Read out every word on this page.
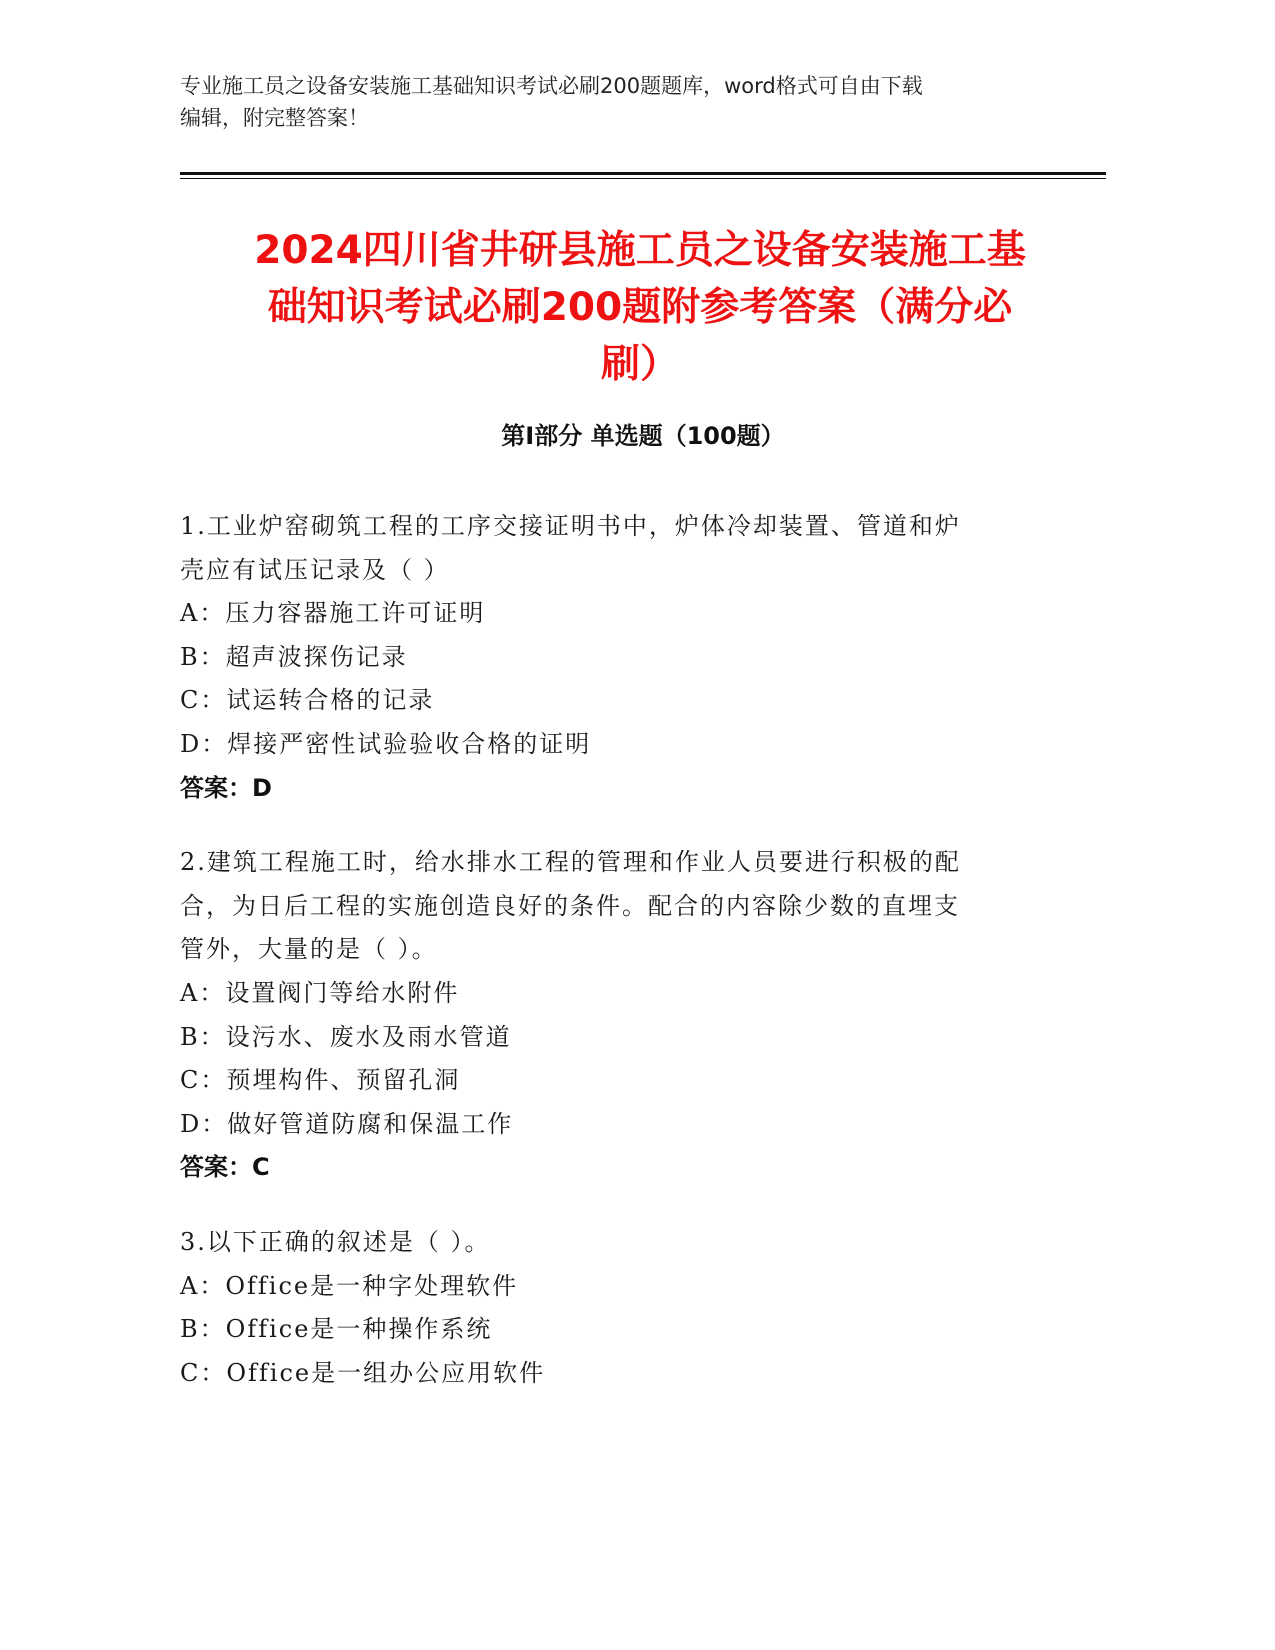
专业施工员之设备安装施工基础知识考试必刷200题题库，word格式可自由下载
编辑，附完整答案！
2024四川省井研县施工员之设备安装施工基
础知识考试必刷200题附参考答案（满分必
刷）
第I部分 单选题（100题）
1.工业炉窑砌筑工程的工序交接证明书中，炉体冷却装置、管道和炉
壳应有试压记录及（ ）
A：压力容器施工许可证明
B：超声波探伤记录
C：试运转合格的记录
D：焊接严密性试验验收合格的证明
答案：D
2.建筑工程施工时，给水排水工程的管理和作业人员要进行积极的配
合，为日后工程的实施创造良好的条件。配合的内容除少数的直埋支
管外，大量的是（ ）。
A：设置阀门等给水附件
B：设污水、废水及雨水管道
C：预埋构件、预留孔洞
D：做好管道防腐和保温工作
答案：C
3.以下正确的叙述是（ ）。
A：Office是一种字处理软件
B：Office是一种操作系统
C：Office是一组办公应用软件
